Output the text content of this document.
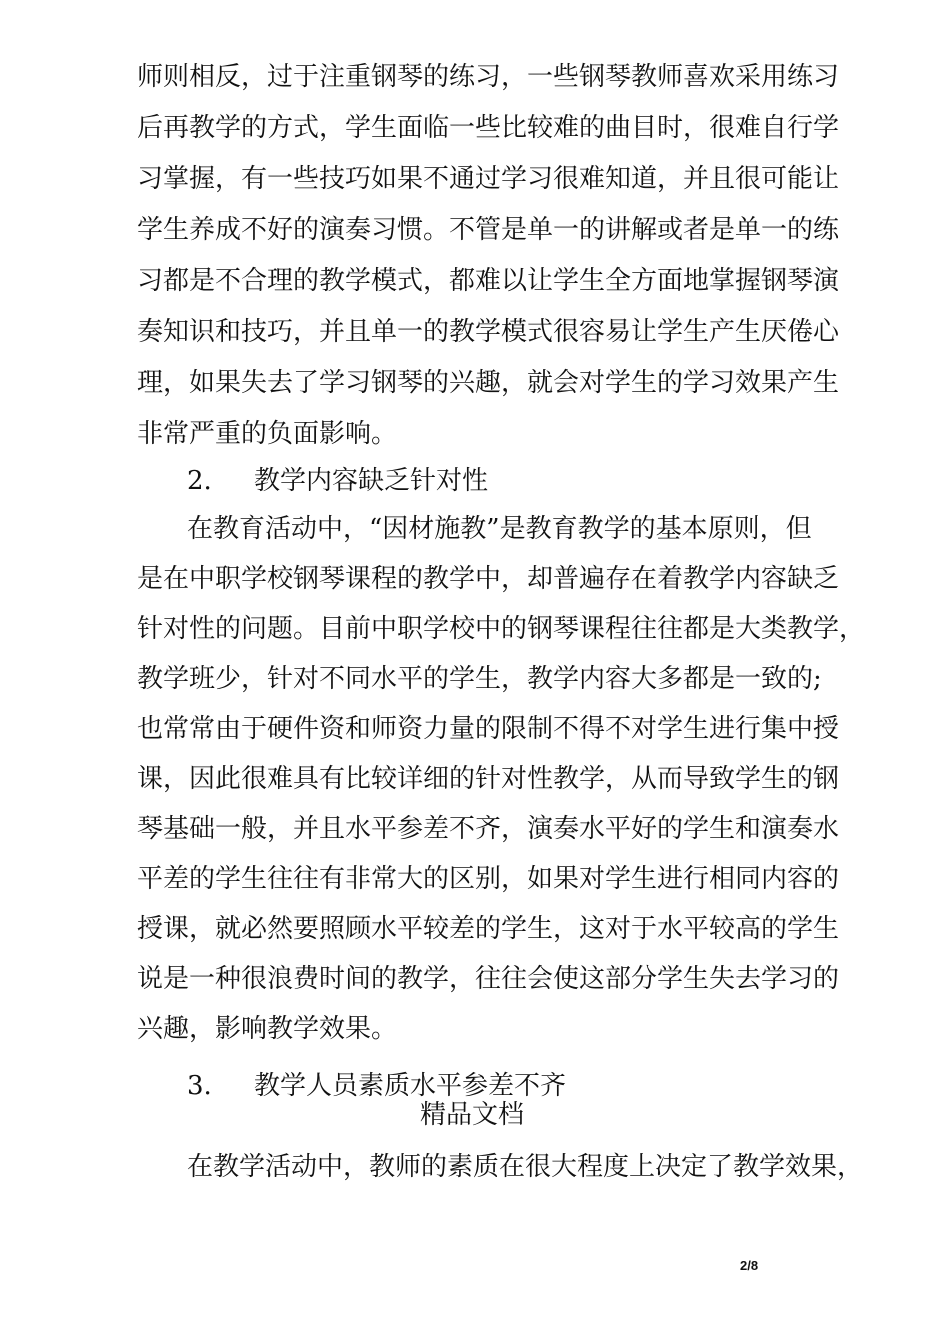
师则相反，过于注重钢琴的练习，一些钢琴教师喜欢采用练习
后再教学的方式，学生面临一些比较难的曲目时，很难自行学
习掌握，有一些技巧如果不通过学习很难知道，并且很可能让
学生养成不好的演奏习惯。不管是单一的讲解或者是单一的练
习都是不合理的教学模式，都难以让学生全方面地掌握钢琴演
奏知识和技巧，并且单一的教学模式很容易让学生产生厌倦心
理，如果失去了学习钢琴的兴趣，就会对学生的学习效果产生
非常严重的负面影响。
2. 教学内容缺乏针对性
在教育活动中，“因材施教”是教育教学的基本原则，但
是在中职学校钢琴课程的教学中，却普遍存在着教学内容缺乏
针对性的问题。目前中职学校中的钢琴课程往往都是大类教学，
教学班少，针对不同水平的学生，教学内容大多都是一致的;
也常常由于硬件资和师资力量的限制不得不对学生进行集中授
课，因此很难具有比较详细的针对性教学，从而导致学生的钢
琴基础一般，并且水平参差不齐，演奏水平好的学生和演奏水
平差的学生往往有非常大的区别，如果对学生进行相同内容的
授课，就必然要照顾水平较差的学生，这对于水平较高的学生
说是一种很浪费时间的教学，往往会使这部分学生失去学习的
兴趣，影响教学效果。
3. 教学人员素质水平参差不齐
精品文档
在教学活动中，教师的素质在很大程度上决定了教学效果，
2/8
